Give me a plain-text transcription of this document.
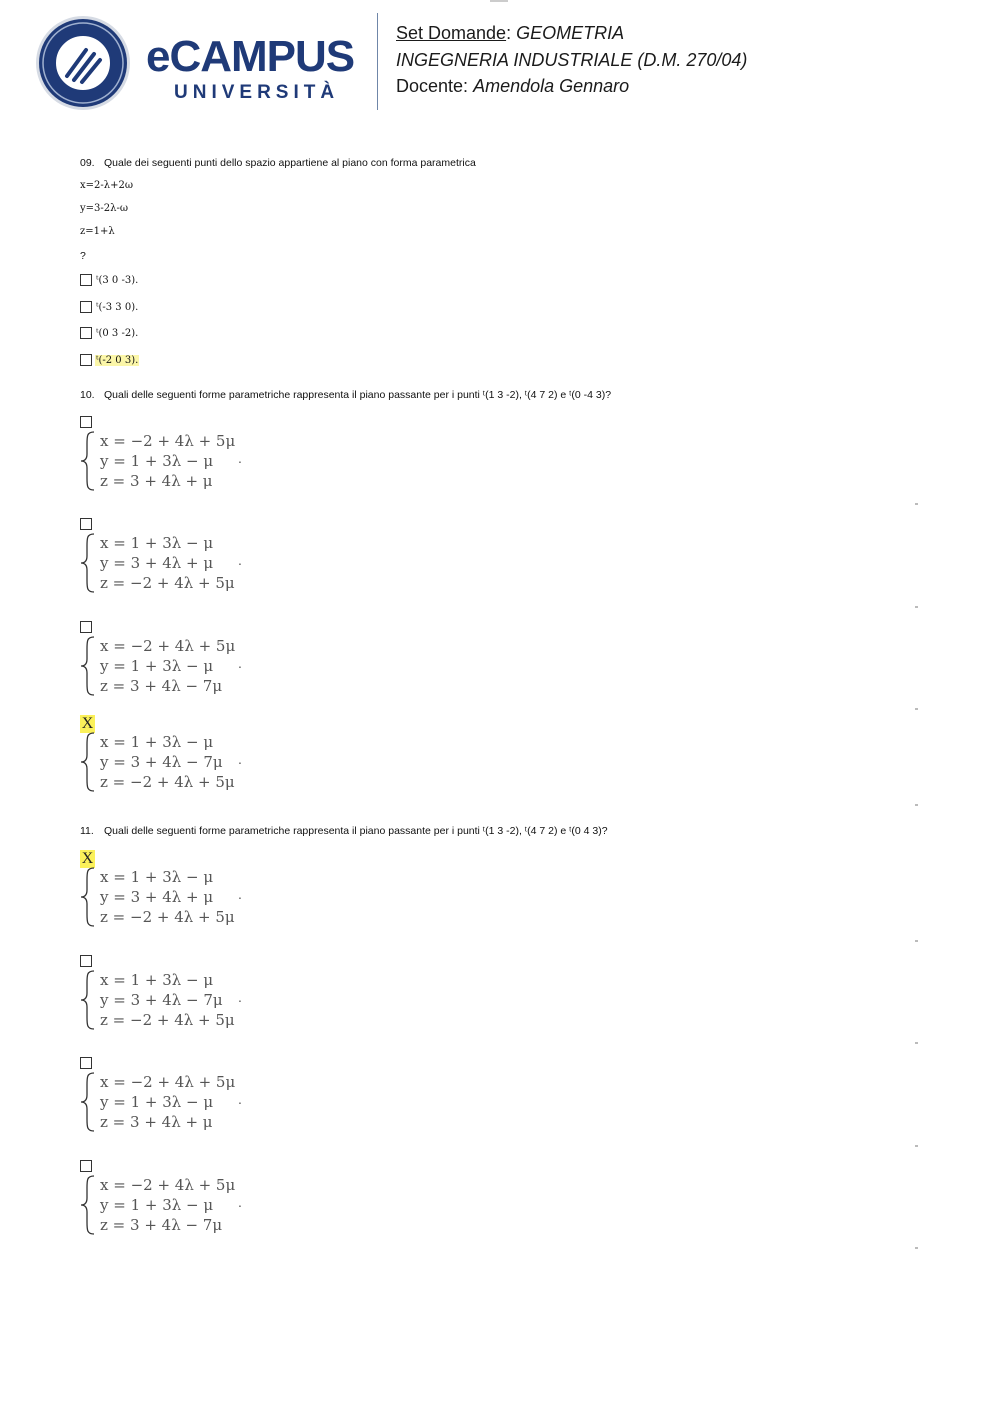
eCAMPUS
UNIVERSITÀ
Set Domande: GEOMETRIA
INGEGNERIA INDUSTRIALE (D.M. 270/04)
Docente: Amendola Gennaro
09. Quale dei seguenti punti dello spazio appartiene al piano con forma parametrica
x=2-λ+2ω
y=3-2λ-ω
z=1+λ
?
ᵗ(3 0 -3).
ᵗ(-3 3 0).
ᵗ(0 3 -2).
ᵗ(-2 0 3).
10. Quali delle seguenti forme parametriche rappresenta il piano passante per i punti ᵗ(1 3 -2), ᵗ(4 7 2) e ᵗ(0 -4 3)?
x = −2 + 4λ + 5μ
y = 1 + 3λ − μ
z = 3 + 4λ + μ
.
x = 1 + 3λ − μ
y = 3 + 4λ + μ
z = −2 + 4λ + 5μ
.
x = −2 + 4λ + 5μ
y = 1 + 3λ − μ
z = 3 + 4λ − 7μ
.
X
x = 1 + 3λ − μ
y = 3 + 4λ − 7μ
z = −2 + 4λ + 5μ
.
11. Quali delle seguenti forme parametriche rappresenta il piano passante per i punti ᵗ(1 3 -2), ᵗ(4 7 2) e ᵗ(0 4 3)?
X
x = 1 + 3λ − μ
y = 3 + 4λ + μ
z = −2 + 4λ + 5μ
.
x = 1 + 3λ − μ
y = 3 + 4λ − 7μ
z = −2 + 4λ + 5μ
.
x = −2 + 4λ + 5μ
y = 1 + 3λ − μ
z = 3 + 4λ + μ
.
x = −2 + 4λ + 5μ
y = 1 + 3λ − μ
z = 3 + 4λ − 7μ
.
